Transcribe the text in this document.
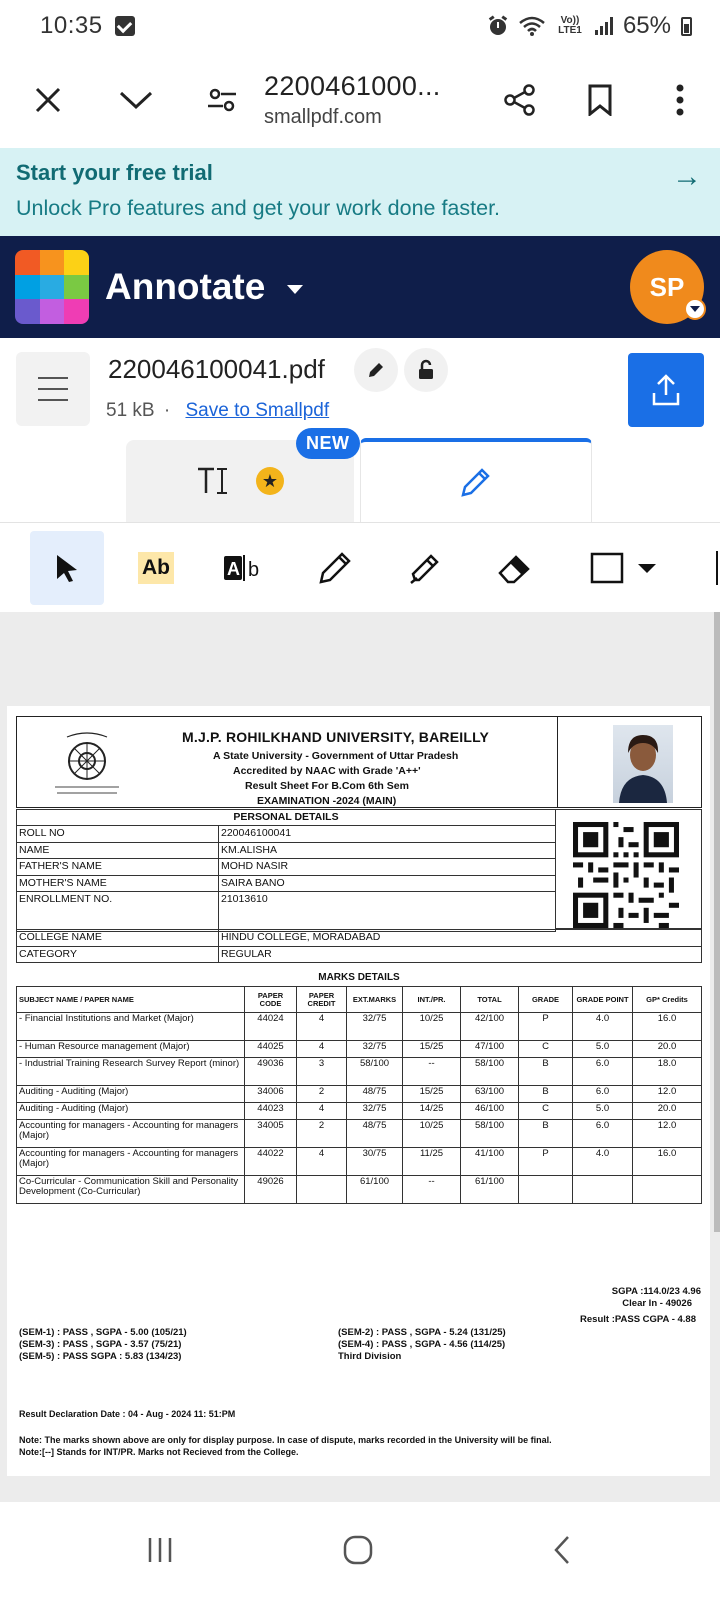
10:35	Vo)) LTE1 65%
2200461000...
smallpdf.com
Start your free trial
Unlock Pro features and get your work done faster.
→
Annotate	SP
220046100041.pdf
51 kB · Save to Smallpdf
★
NEW
Ab	A b
M.J.P. ROHILKHAND UNIVERSITY, BAREILLY
A State University - Government of Uttar Pradesh
Accredited by NAAC with Grade 'A++'
Result Sheet For B.Com 6th Sem
EXAMINATION -2024 (MAIN)
PERSONAL DETAILS	
ROLL NO	220046100041
NAME	KM.ALISHA
FATHER'S NAME	MOHD NASIR
MOTHER'S NAME	SAIRA BANO
ENROLLMENT NO.	21013610
COLLEGE NAME	HINDU COLLEGE, MORADABAD
CATEGORY	REGULAR
MARKS DETAILS
SUBJECT NAME / PAPER NAME	PAPER CODE	PAPER CREDIT	EXT.MARKS	INT./PR.	TOTAL	GRADE	GRADE POINT	GP* Credits
- Financial Institutions and Market (Major)	44024	4	32/75	10/25	42/100	P	4.0	16.0
- Human Resource management (Major)	44025	4	32/75	15/25	47/100	C	5.0	20.0
- Industrial Training Research Survey Report (minor)	49036	3	58/100	--	58/100	B	6.0	18.0
Auditing - Auditing (Major)	34006	2	48/75	15/25	63/100	B	6.0	12.0
Auditing - Auditing (Major)	44023	4	32/75	14/25	46/100	C	5.0	20.0
Accounting for managers - Accounting for managers (Major)	34005	2	48/75	10/25	58/100	B	6.0	12.0
Accounting for managers - Accounting for managers (Major)	44022	4	30/75	11/25	41/100	P	4.0	16.0
Co-Curricular - Communication Skill and Personality Development (Co-Curricular)	49026		61/100	--	61/100			
SGPA :114.0/23 4.96
Clear In - 49026
Result :PASS CGPA - 4.88
(SEM-1) : PASS , SGPA - 5.00 (105/21)
(SEM-3) : PASS , SGPA - 3.57 (75/21)
(SEM-5) : PASS SGPA : 5.83 (134/23)
(SEM-2) : PASS , SGPA - 5.24 (131/25)
(SEM-4) : PASS , SGPA - 4.56 (114/25)
Third Division
Result Declaration Date : 04 - Aug - 2024 11: 51:PM
Note: The marks shown above are only for display purpose. In case of dispute, marks recorded in the University will be final.
Note:[--] Stands for INT/PR. Marks not Recieved from the College.
